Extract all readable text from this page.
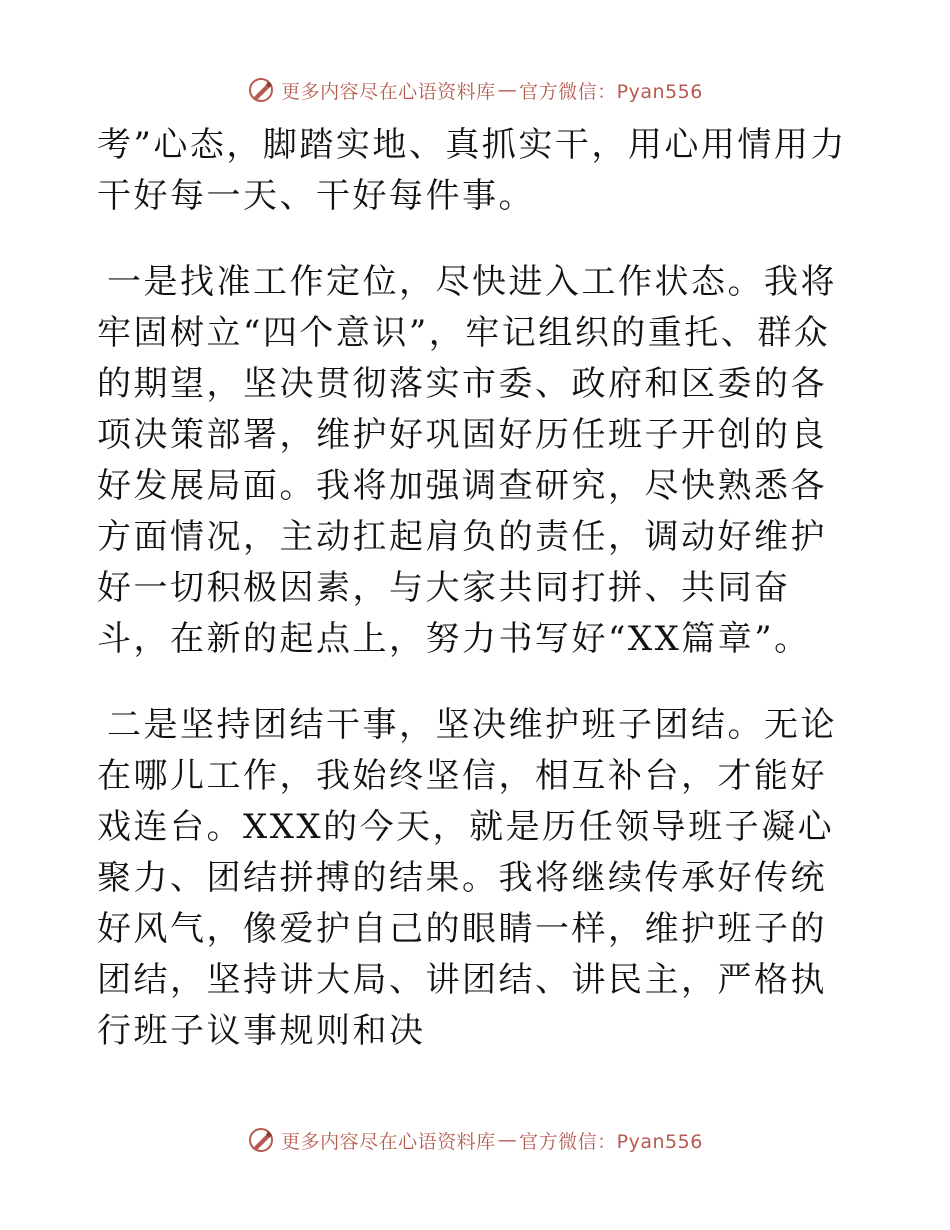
更多内容尽在心语资料库 — 官方微信：Pyan556

考”心态，脚踏实地、真抓实干，用心用情用力干好每一天、干好每件事。

一是找准工作定位，尽快进入工作状态。我将牢固树立“四个意识”，牢记组织的重托、群众的期望，坚决贯彻落实市委、政府和区委的各项决策部署，维护好巩固好历任班子开创的良好发展局面。我将加强调查研究，尽快熟悉各方面情况，主动扛起肩负的责任，调动好维护好一切积极因素，与大家共同打拼、共同奋斗，在新的起点上，努力书写好“XX篇章”。

二是坚持团结干事，坚决维护班子团结。无论在哪儿工作，我始终坚信，相互补台，才能好戏连台。XXX的今天，就是历任领导班子凝心聚力、团结拼搏的结果。我将继续传承好传统好风气，像爱护自己的眼睛一样，维护班子的团结，坚持讲大局、讲团结、讲民主，严格执行班子议事规则和决

更多内容尽在心语资料库 — 官方微信：Pyan556
